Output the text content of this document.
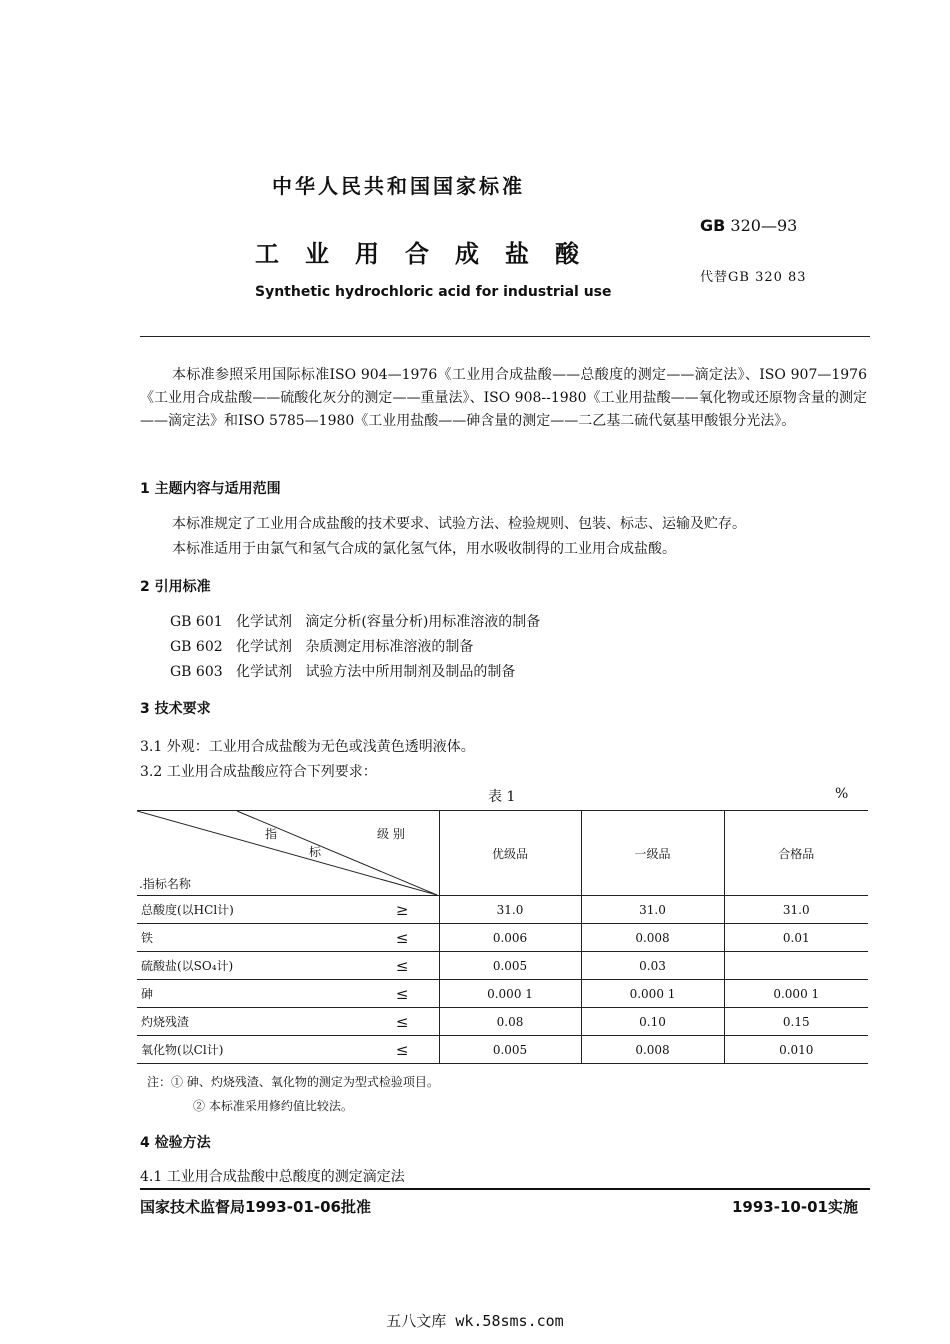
中华人民共和国国家标准
工业用合成盐酸
Synthetic hydrochloric acid for industrial use
GB 320—93
代替GB 320 83
本标准参照采用国际标准ISO 904—1976《工业用合成盐酸——总酸度的测定——滴定法》、ISO 907—1976《工业用合成盐酸——硫酸化灰分的测定——重量法》、ISO 908--1980《工业用盐酸——氧化物或还原物含量的测定——滴定法》和ISO 5785—1980《工业用盐酸——砷含量的测定——二乙基二硫代氨基甲酸银分光法》。
1 主题内容与适用范围
本标准规定了工业用合成盐酸的技术要求、试验方法、检验规则、包装、标志、运输及贮存。
本标准适用于由氯气和氢气合成的氯化氢气体，用水吸收制得的工业用合成盐酸。
2 引用标准
GB 601 化学试剂 滴定分析(容量分析)用标准溶液的制备
GB 602 化学试剂 杂质测定用标准溶液的制备
GB 603 化学试剂 试验方法中所用制剂及制品的制备
3 技术要求
3.1 外观：工业用合成盐酸为无色或浅黄色透明液体。
3.2 工业用合成盐酸应符合下列要求：
表 1	%
指 级 别
标
.指标名称	优级品	一级品	合格品
总酸度(以HCl计) ≥	31.0	31.0	31.0
铁 ≤	0.006	0.008	0.01
硫酸盐(以SO₄计) ≤	0.005	0.03	
砷 ≤	0.000 1	0.000 1	0.000 1
灼烧残渣 ≤	0.08	0.10	0.15
氧化物(以Cl计) ≤	0.005	0.008	0.010
注：① 砷、灼烧残渣、氧化物的测定为型式检验项目。
② 本标准采用修约值比较法。
4 检验方法
4.1 工业用合成盐酸中总酸度的测定滴定法
国家技术监督局1993-01-06批准	1993-10-01实施
五八文库 wk.58sms.com
